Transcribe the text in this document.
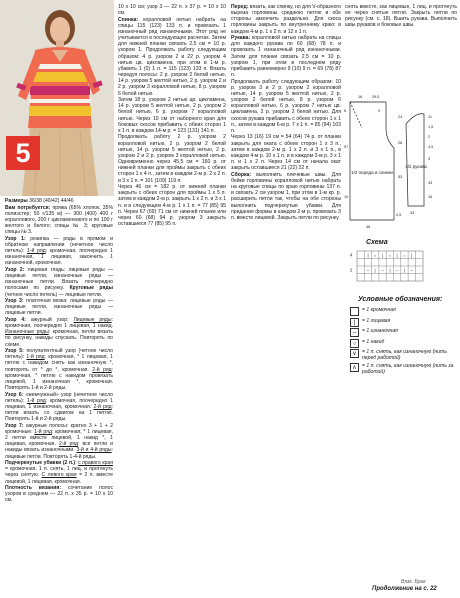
5

Размеры 36/38 (40/42) 44/46

Вам потребуется: пряжа (65% хлопок, 35% полиэстер; 50 г/135 м) — 300 (400) 400 г кораллового, 200 г цикламенового и по 100 г желтого и белого; спицы № 3; круговые спицы № 3.

Узор 1: резинка — ряды в прямом и обратном направлении (нечетное число петель): 1-й ряд: кромочная, поочередно 1 изнаночная, 1 лицевая, закончить 1 изнаночной, кромочная.

Узор 2: лицевая гладь: лицевые ряды — лицевые петли, изнаночные ряды — изнаночные петли. Вязать поочередно полосами по рисунку. Круговые ряды (четное число петель) — лицевые петли.

Узор 3: платочная вязка: лицевые ряды — лицевые петли, изнаночные ряды — лицевые петли.

Узор 4: ажурный узор: Лицевые ряды: кромочная, поочередно 1 лицевая, 1 накид. Изнаночные ряды: кромочная, петли вязать по рисунку, накиды спускать. Повторять по схеме.

Узор 5: полупатентный узор (четное число петель): 1-й ряд: кромочная, * 1 лицевая, 1 петлю с накидом снять как изнаночную *, повторять от * до *, кромочная. 2-й ряд: кромочная, * петлю с накидом провязать лицевой, 1 изнаночная *, кромочная. Повторять 1-й и 2-й ряды.

Узор 6: «жемчужный» узор (нечетное число петель): 1-й ряд: кромочная, поочередно 1 лицевая, 1 изнаночная, кромочная. 2-й ряд: петли вязать со сдвигом на 1 петлю. Повторять 1-й и 2-й ряды.

Узор 7: ажурные полосы: кратно 3 + 1 + 2 кромочные: 1-й ряд: кромочная, * 1 лицевая, 2 петли вместе лицевой, 1 накид *, 1 лицевая, кромочная. 2-й ряд: все петли и накиды вязать изнаночными. 3-й и 4-й ряды: лицевые петли. Повторять 1-4-й ряды.

Подчеркнутые убавки (2 п.): с правого края = кромочная, 1 п. снять, 1 лиц. и протянуть через снятую. С левого края = 2 п. вместе лицевой, 1 лицевая, кромочная.

Плотность вязания: сочетание полос узоров в среднем — 22 п. х 35 р. = 10 х 10 см.

10 х 10 см; узор 3 — 22 п. х 37 р. = 10 х 10 см.

Спинка: коралловой нитью набрать на спицы 115 (123) 133 п. и провязать 1 изнаночный ряд изнаночными. Этот ряд не учитывается в последующих расчетах. Затем для нижней планки связать 2,5 см = 10 р. узором 1. Продолжать работу следующим образом: 4 р. узором 2 и 22 р. узором 4 нитью цв. цикламена, при этом в 1-м р. убавить 1 (0) 1 п. = 115 (123) 133 п. Вязать чередуя полосы: 2 р. узором 2 белой нитью, 14 р. узором 5 желтой нитью, 2 р. узором 2 и 2 р. узором 3 коралловой нитью, 8 р. узором 6 белой нитью.

Затем 18 р. узором 2 нитью цв. цикламена, 14 р. узором 5 желтой нитью, 2 р. узором 2 белой нитью, 6 р. узором 7 коралловой нитью. Через 10 см от наборного края для боковых скосов прибавить с обеих сторон 1 х 1 п. в каждом 14-м р. = 123 (131) 141 п.

Продолжать работу 2 р. узором 2 коралловой нитью, 2 р. узором 2 белой нитью, 14 р. узором 5 желтой нитью, 2 р. узором 2 и 2 р. узором 3 коралловой нитью. Одновременно через 45,5 см = 160 р. от нижней планки для проймы закрыть с обеих сторон 1 х 4 п., затем в каждом 2-м р. 2 х 2 п. и 3 х 1 п. = 101 (109) 119 п.

Через 46 см = 182 р. от нижней планки закрыть с обеих сторон для проймы 1 х 5 п. затем в каждом 2-м р. закрыть 1 х 2 п. и 3 х 1 п. и в следующем 4-м р. 1 х 1 п. = 77 (85) 95 п. Через 67 (69) 71 см от нижней планки или через 60 (68) 94 р. узором 3 закрыть оставшиеся 77 (85) 95 п.

Перед: вязать, как спинку, но для V-образного выреза горловины среднюю петлю и обе стороны закончить раздельно. Для скоса горловины закрыть по внутреннему краю: в каждом 4-м р. 1 х 2 п. и 12 х 1 п.

Рукава: коралловой нитью набрать на спицы для каждого рукава по 60 (68) 78 п. и провязать 1 изнаночный ряд изнаночными. Затем для планки связать 2,5 см = 10 р. узором 1, при этом в последнем ряду прибавить равномерно 9 (10) 9 п. = 69 (78) 87 п.

Продолжать работу следующим образом: 10 р. узором 3 и 2 р. узором 2 коралловой нитью, 14 р. узором 5 желтой нитью, 2 р. узором 2 белой нитью, 8 р. узором 6 коралловой нитью, 6 р. узором 7 нитью цв. цикламена, 2 р. узором 2 белой нитью. Для скосов рукава прибавить с обеих сторон 1 х 1 п., затем в каждом 6-м р. 7 х 1 п. = 85 (94) 103 п.

Через 13 (16) 19 см = 54 (64) 74 р. от планки закрыть для оката с обеих сторон 1 х 3 п., затем в каждом 2-м р. 1 х 2 п. и 3 х 1 п., в каждом 4-м р. 10 х 1 п. и в каждом 2-м р. 3 х 1 п. и 1 х 2 п. Через 14 см от начала окат закрыть оставшиеся 21 (22) 22 п.

Сборка: выполнить плечевые швы. Для бейки горловины коралловой нитью набрать на круговые спицы по краю горловины 137 п. и связать 2 см узором 1, при этом в 1-м кр. р. расширить петли так, чтобы на обе стороны выполнить подчеркнутые убавки. Для придания формы в каждом 2-м р. провязать 3 п. вместе лицевой. Закрыть петли по рисунку.

снять вместе, как лицевые, 1 лиц. и протянуть ее через снятые петли. Закрыть петли по рисунку (см. с. 18). Вшить рукава. Выполнить швы рукавов и боковые швы.

1/2 переда и спинки
1/2 рукава
16	29,5
24
28
6	9
11
1,5
2
4,5
3
57
53
43
10	16
33
46
2,5
Схема
| ○ | ○ | ○ |
– | – | – | –
4
2
Условные обозначения:
= 1 кромочная
|	= 1 лицевая
–	= 1 изнаночная
○	= 1 накид
∨	= 1 п. снять, как изнаночную (нить перед работой)
∧	= 1 п. снять, как изнаночную (нить за работой)
Вязк. Брик
Продолжение на с. 22
